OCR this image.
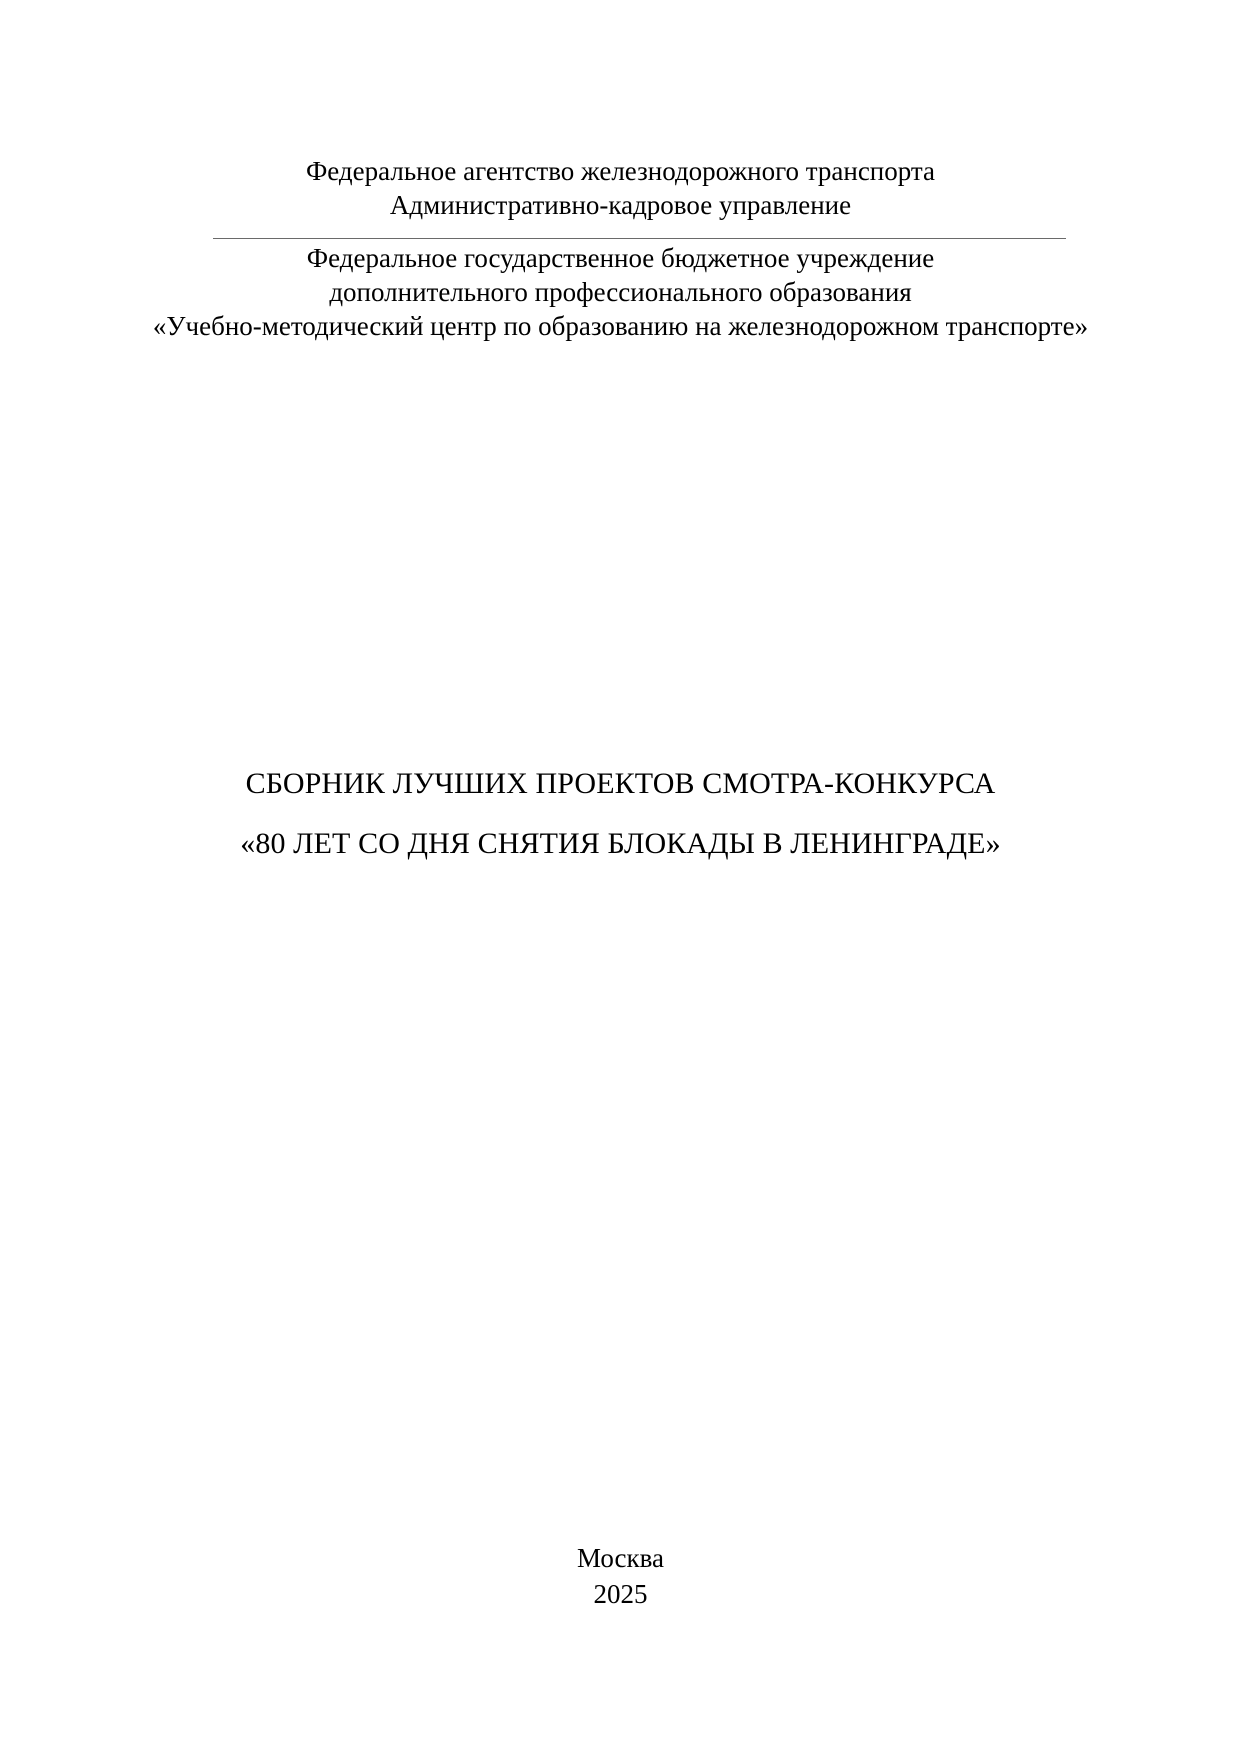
Федеральное агентство железнодорожного транспорта
Административно-кадровое управление
Федеральное государственное бюджетное учреждение
дополнительного профессионального образования
«Учебно-методический центр по образованию на железнодорожном транспорте»
СБОРНИК ЛУЧШИХ ПРОЕКТОВ СМОТРА-КОНКУРСА
«80 ЛЕТ СО ДНЯ СНЯТИЯ БЛОКАДЫ В ЛЕНИНГРАДЕ»
Москва
2025
